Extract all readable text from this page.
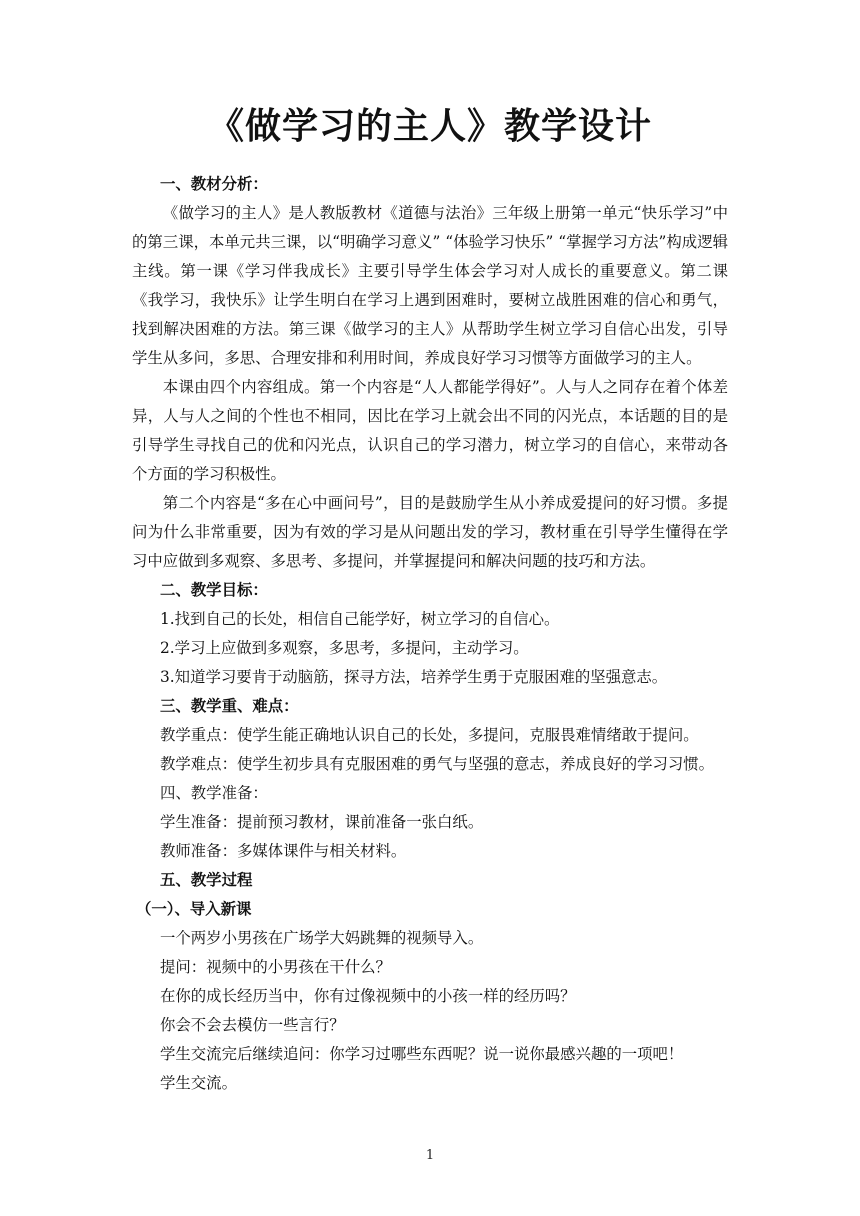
《做学习的主人》教学设计

一、教材分析：

《做学习的主人》是人教版教材《道德与法治》三年级上册第一单元“快乐学习”中的第三课，本单元共三课，以“明确学习意义” “体验学习快乐” “掌握学习方法”构成逻辑主线。第一课《学习伴我成长》主要引导学生体会学习对人成长的重要意义。第二课《我学习，我快乐》让学生明白在学习上遇到困难时，要树立战胜困难的信心和勇气，找到解决困难的方法。第三课《做学习的主人》从帮助学生树立学习自信心出发，引导学生从多问，多思、合理安排和利用时间，养成良好学习习惯等方面做学习的主人。

本课由四个内容组成。第一个内容是“人人都能学得好”。人与人之同存在着个体差异，人与人之间的个性也不相同，因比在学习上就会出不同的闪光点，本话题的目的是引导学生寻找自己的优和闪光点，认识自己的学习潜力，树立学习的自信心，来带动各个方面的学习积极性。

第二个内容是“多在心中画问号”，目的是鼓励学生从小养成爱提问的好习惯。多提问为什么非常重要，因为有效的学习是从问题出发的学习，教材重在引导学生懂得在学习中应做到多观察、多思考、多提问，并掌握提问和解决问题的技巧和方法。

二、教学目标：

1.找到自己的长处，相信自己能学好，树立学习的自信心。

2.学习上应做到多观察，多思考，多提问，主动学习。

3.知道学习要肯于动脑筋，探寻方法，培养学生勇于克服困难的坚强意志。

三、教学重、难点：

教学重点：使学生能正确地认识自己的长处，多提问，克服畏难情绪敢于提问。

教学难点：使学生初步具有克服困难的勇气与坚强的意志，养成良好的学习习惯。

四、教学准备：

学生准备：提前预习教材，课前准备一张白纸。

教师准备：多媒体课件与相关材料。

五、教学过程

（一）、导入新课

一个两岁小男孩在广场学大妈跳舞的视频导入。

提问：视频中的小男孩在干什么？

在你的成长经历当中，你有过像视频中的小孩一样的经历吗？

你会不会去模仿一些言行？

学生交流完后继续追问：你学习过哪些东西呢？说一说你最感兴趣的一项吧！

学生交流。

1
